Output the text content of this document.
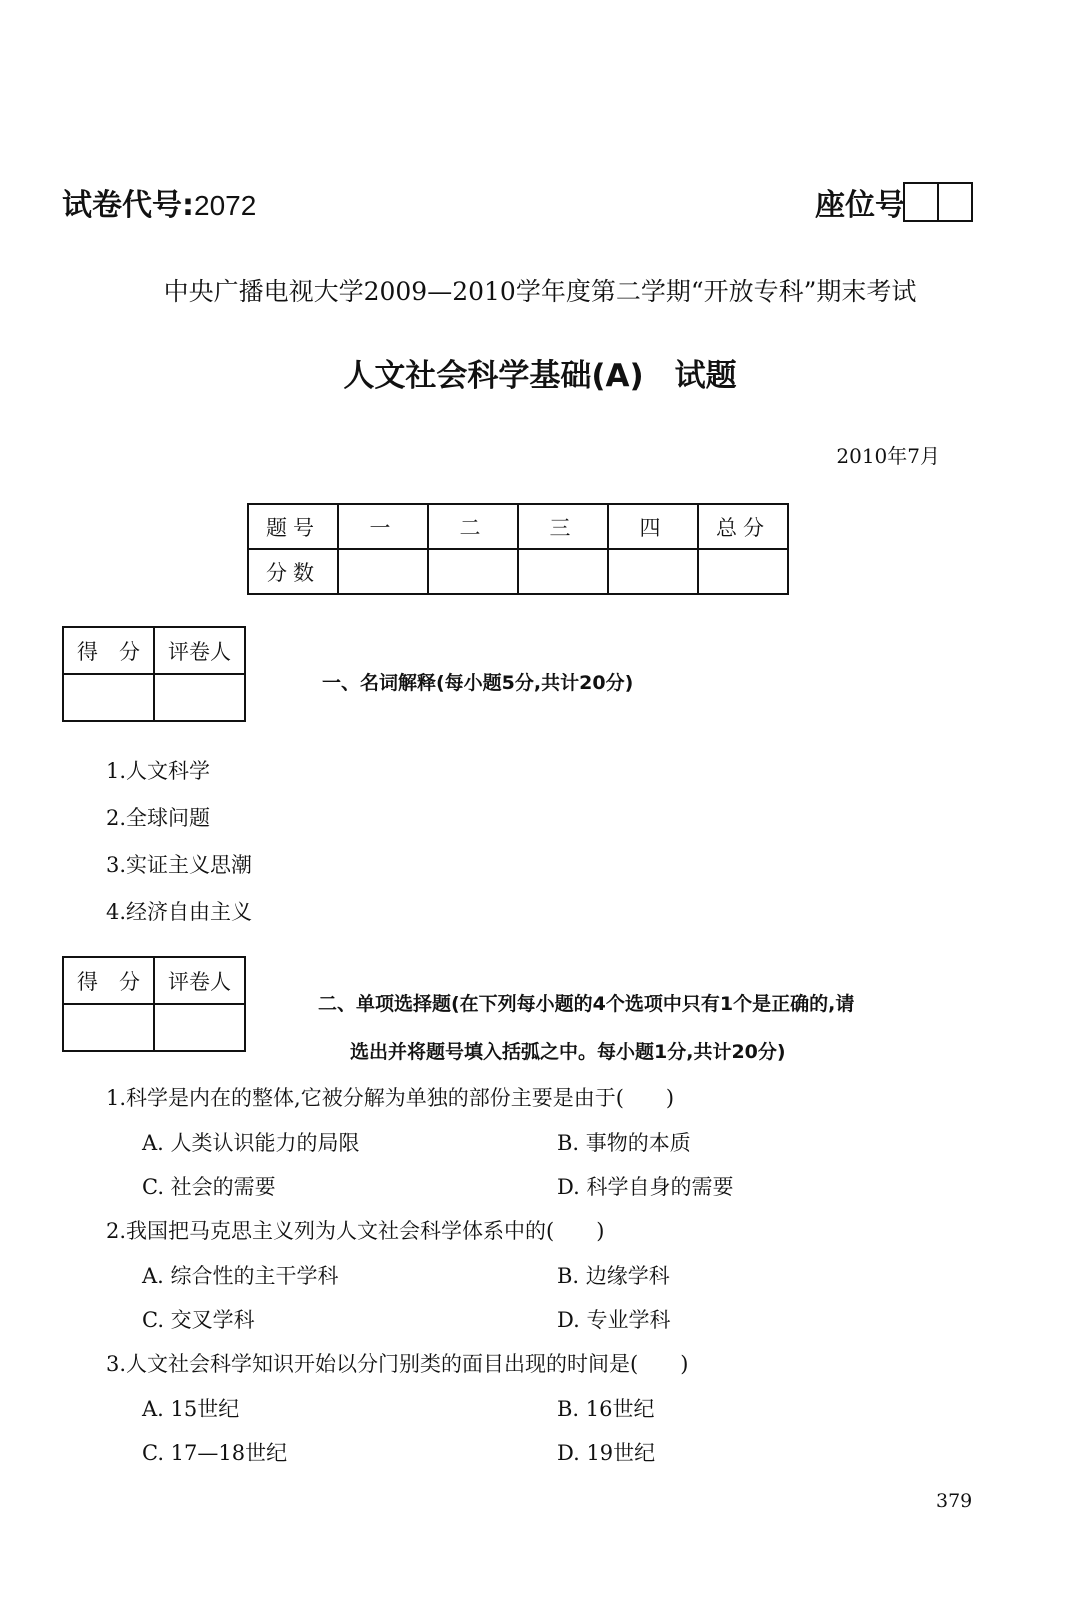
试卷代号:2072	座位号
中央广播电视大学2009—2010学年度第二学期“开放专科”期末考试
人文社会科学基础(A)　试题
2010年7月
题号	一	二	三	四	总分
分数					
得　分	评卷人

一、名词解释(每小题5分,共计20分)
1.人文科学
2.全球问题
3.实证主义思潮
4.经济自由主义
得　分	评卷人

二、单项选择题(在下列每小题的4个选项中只有1个是正确的,请
选出并将题号填入括弧之中。每小题1分,共计20分)
1.科学是内在的整体,它被分解为单独的部份主要是由于(　　)
A. 人类认识能力的局限	B. 事物的本质
C. 社会的需要	D. 科学自身的需要
2.我国把马克思主义列为人文社会科学体系中的(　　)
A. 综合性的主干学科	B. 边缘学科
C. 交叉学科	D. 专业学科
3.人文社会科学知识开始以分门别类的面目出现的时间是(　　)
A. 15世纪	B. 16世纪
C. 17—18世纪	D. 19世纪
379
